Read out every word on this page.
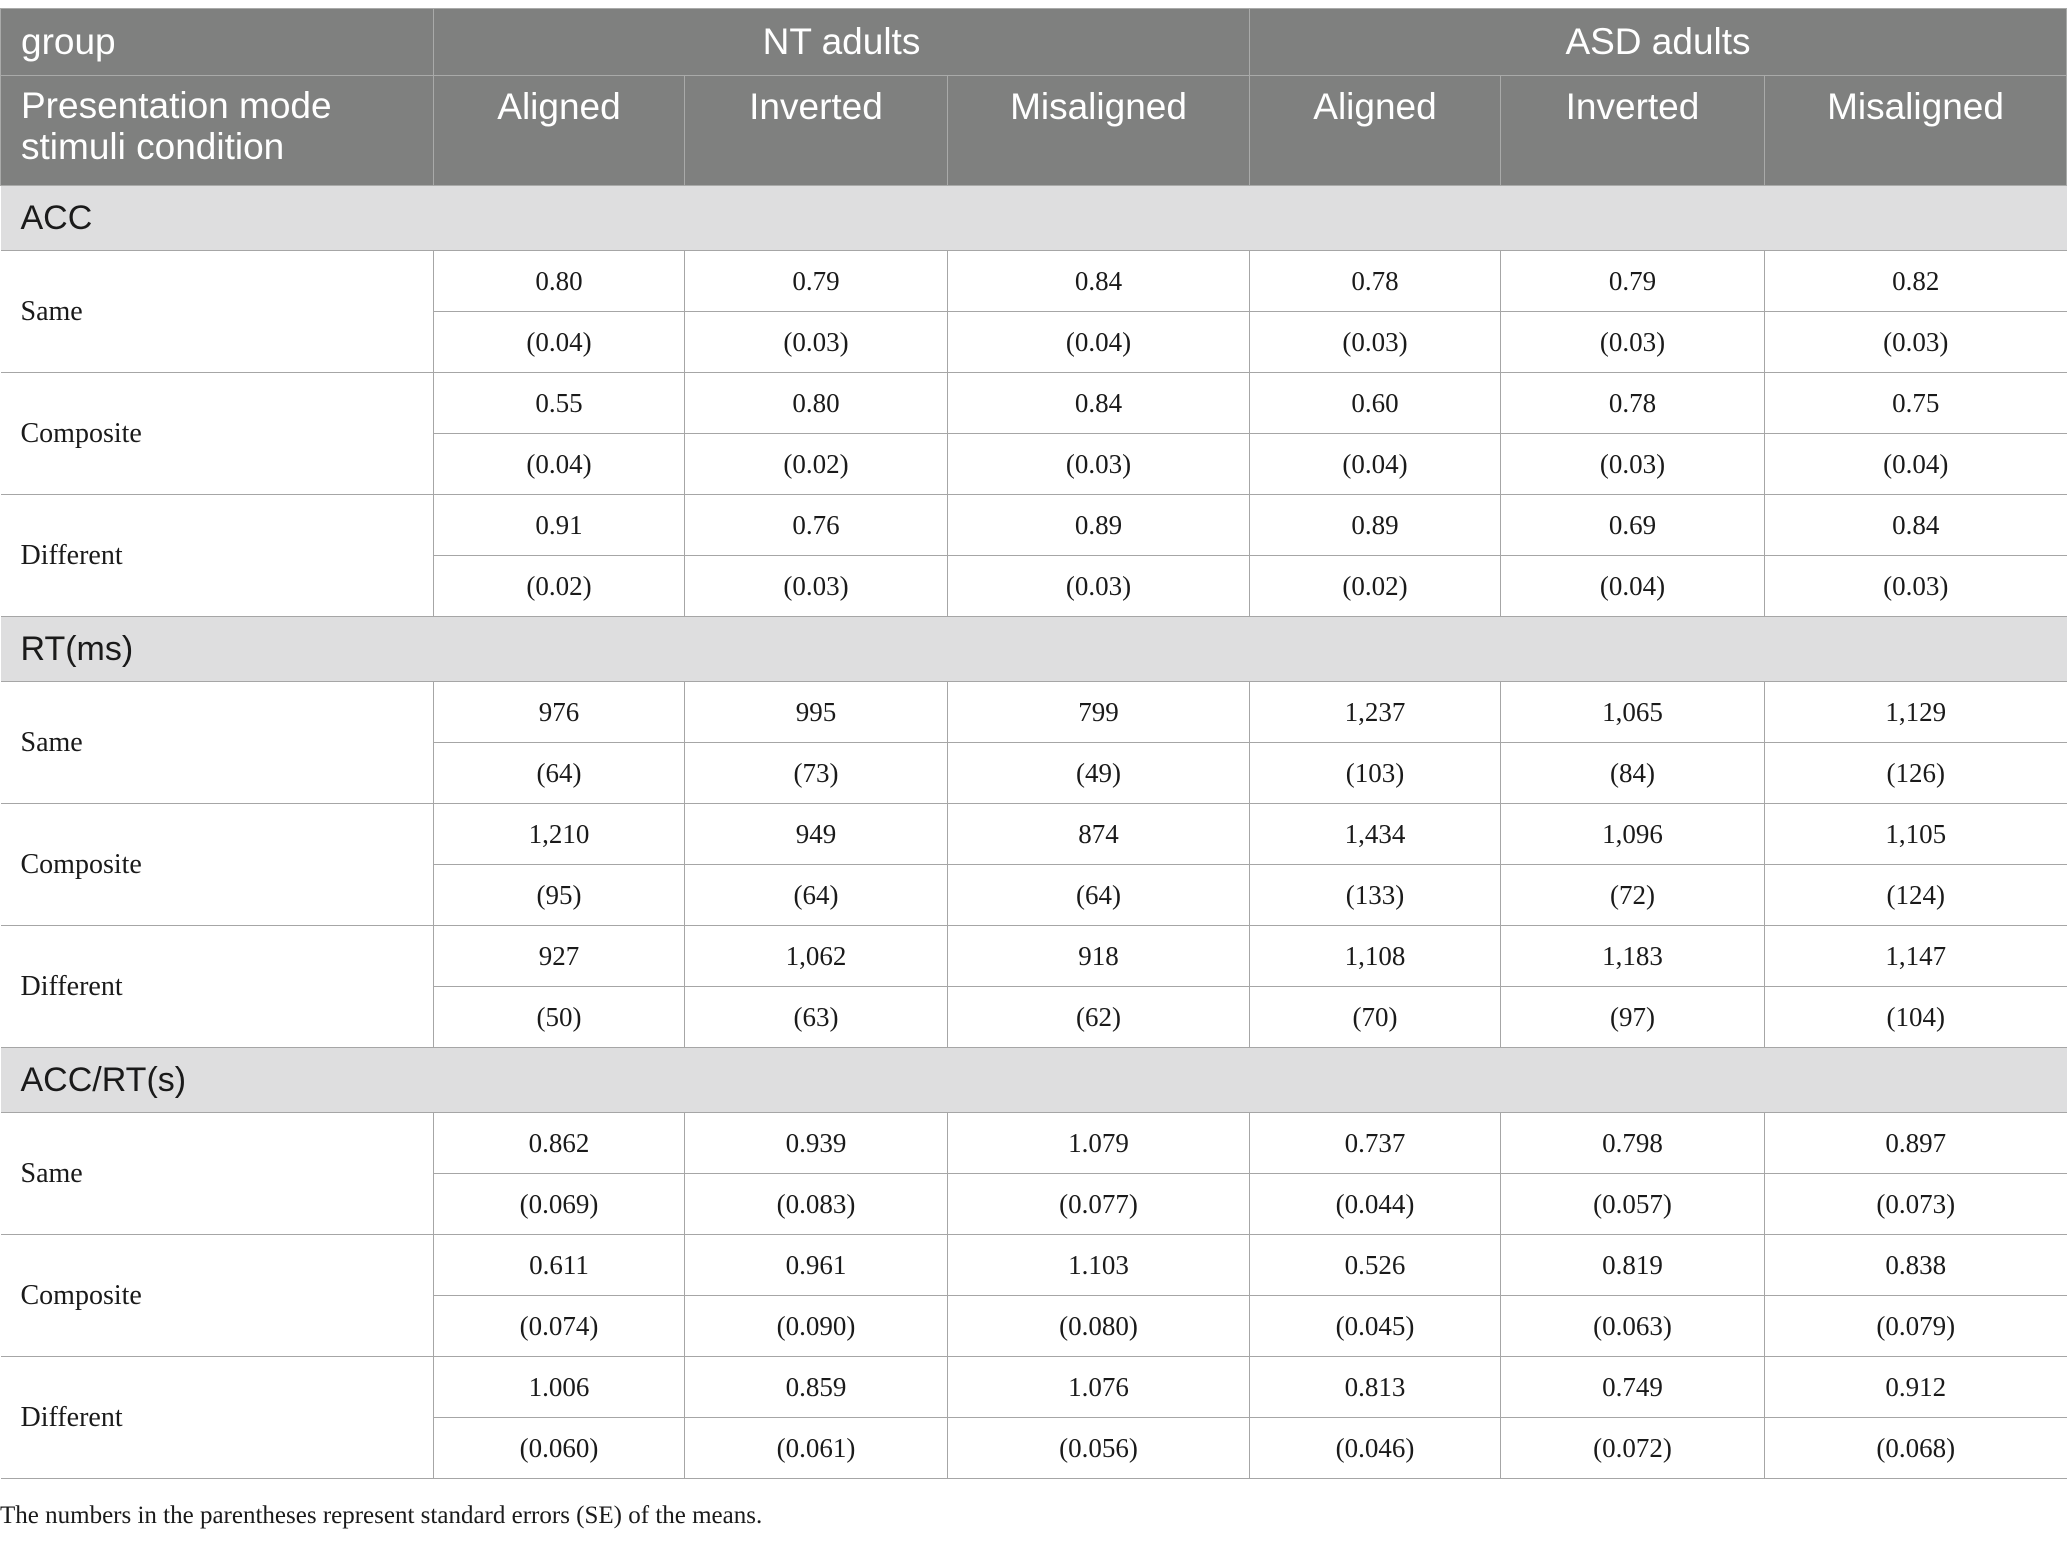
group	NT adults			ASD adults		
Presentation mode stimuli condition	Aligned	Inverted	Misaligned	Aligned	Inverted	Misaligned
ACC						
Same	0.80	0.79	0.84	0.78	0.79	0.82
	(0.04)	(0.03)	(0.04)	(0.03)	(0.03)	(0.03)
Composite	0.55	0.80	0.84	0.60	0.78	0.75
	(0.04)	(0.02)	(0.03)	(0.04)	(0.03)	(0.04)
Different	0.91	0.76	0.89	0.89	0.69	0.84
	(0.02)	(0.03)	(0.03)	(0.02)	(0.04)	(0.03)
RT(ms)						
Same	976	995	799	1,237	1,065	1,129
	(64)	(73)	(49)	(103)	(84)	(126)
Composite	1,210	949	874	1,434	1,096	1,105
	(95)	(64)	(64)	(133)	(72)	(124)
Different	927	1,062	918	1,108	1,183	1,147
	(50)	(63)	(62)	(70)	(97)	(104)
ACC/RT(s)						
Same	0.862	0.939	1.079	0.737	0.798	0.897
	(0.069)	(0.083)	(0.077)	(0.044)	(0.057)	(0.073)
Composite	0.611	0.961	1.103	0.526	0.819	0.838
	(0.074)	(0.090)	(0.080)	(0.045)	(0.063)	(0.079)
Different	1.006	0.859	1.076	0.813	0.749	0.912
	(0.060)	(0.061)	(0.056)	(0.046)	(0.072)	(0.068)

The numbers in the parentheses represent standard errors (SE) of the means.
